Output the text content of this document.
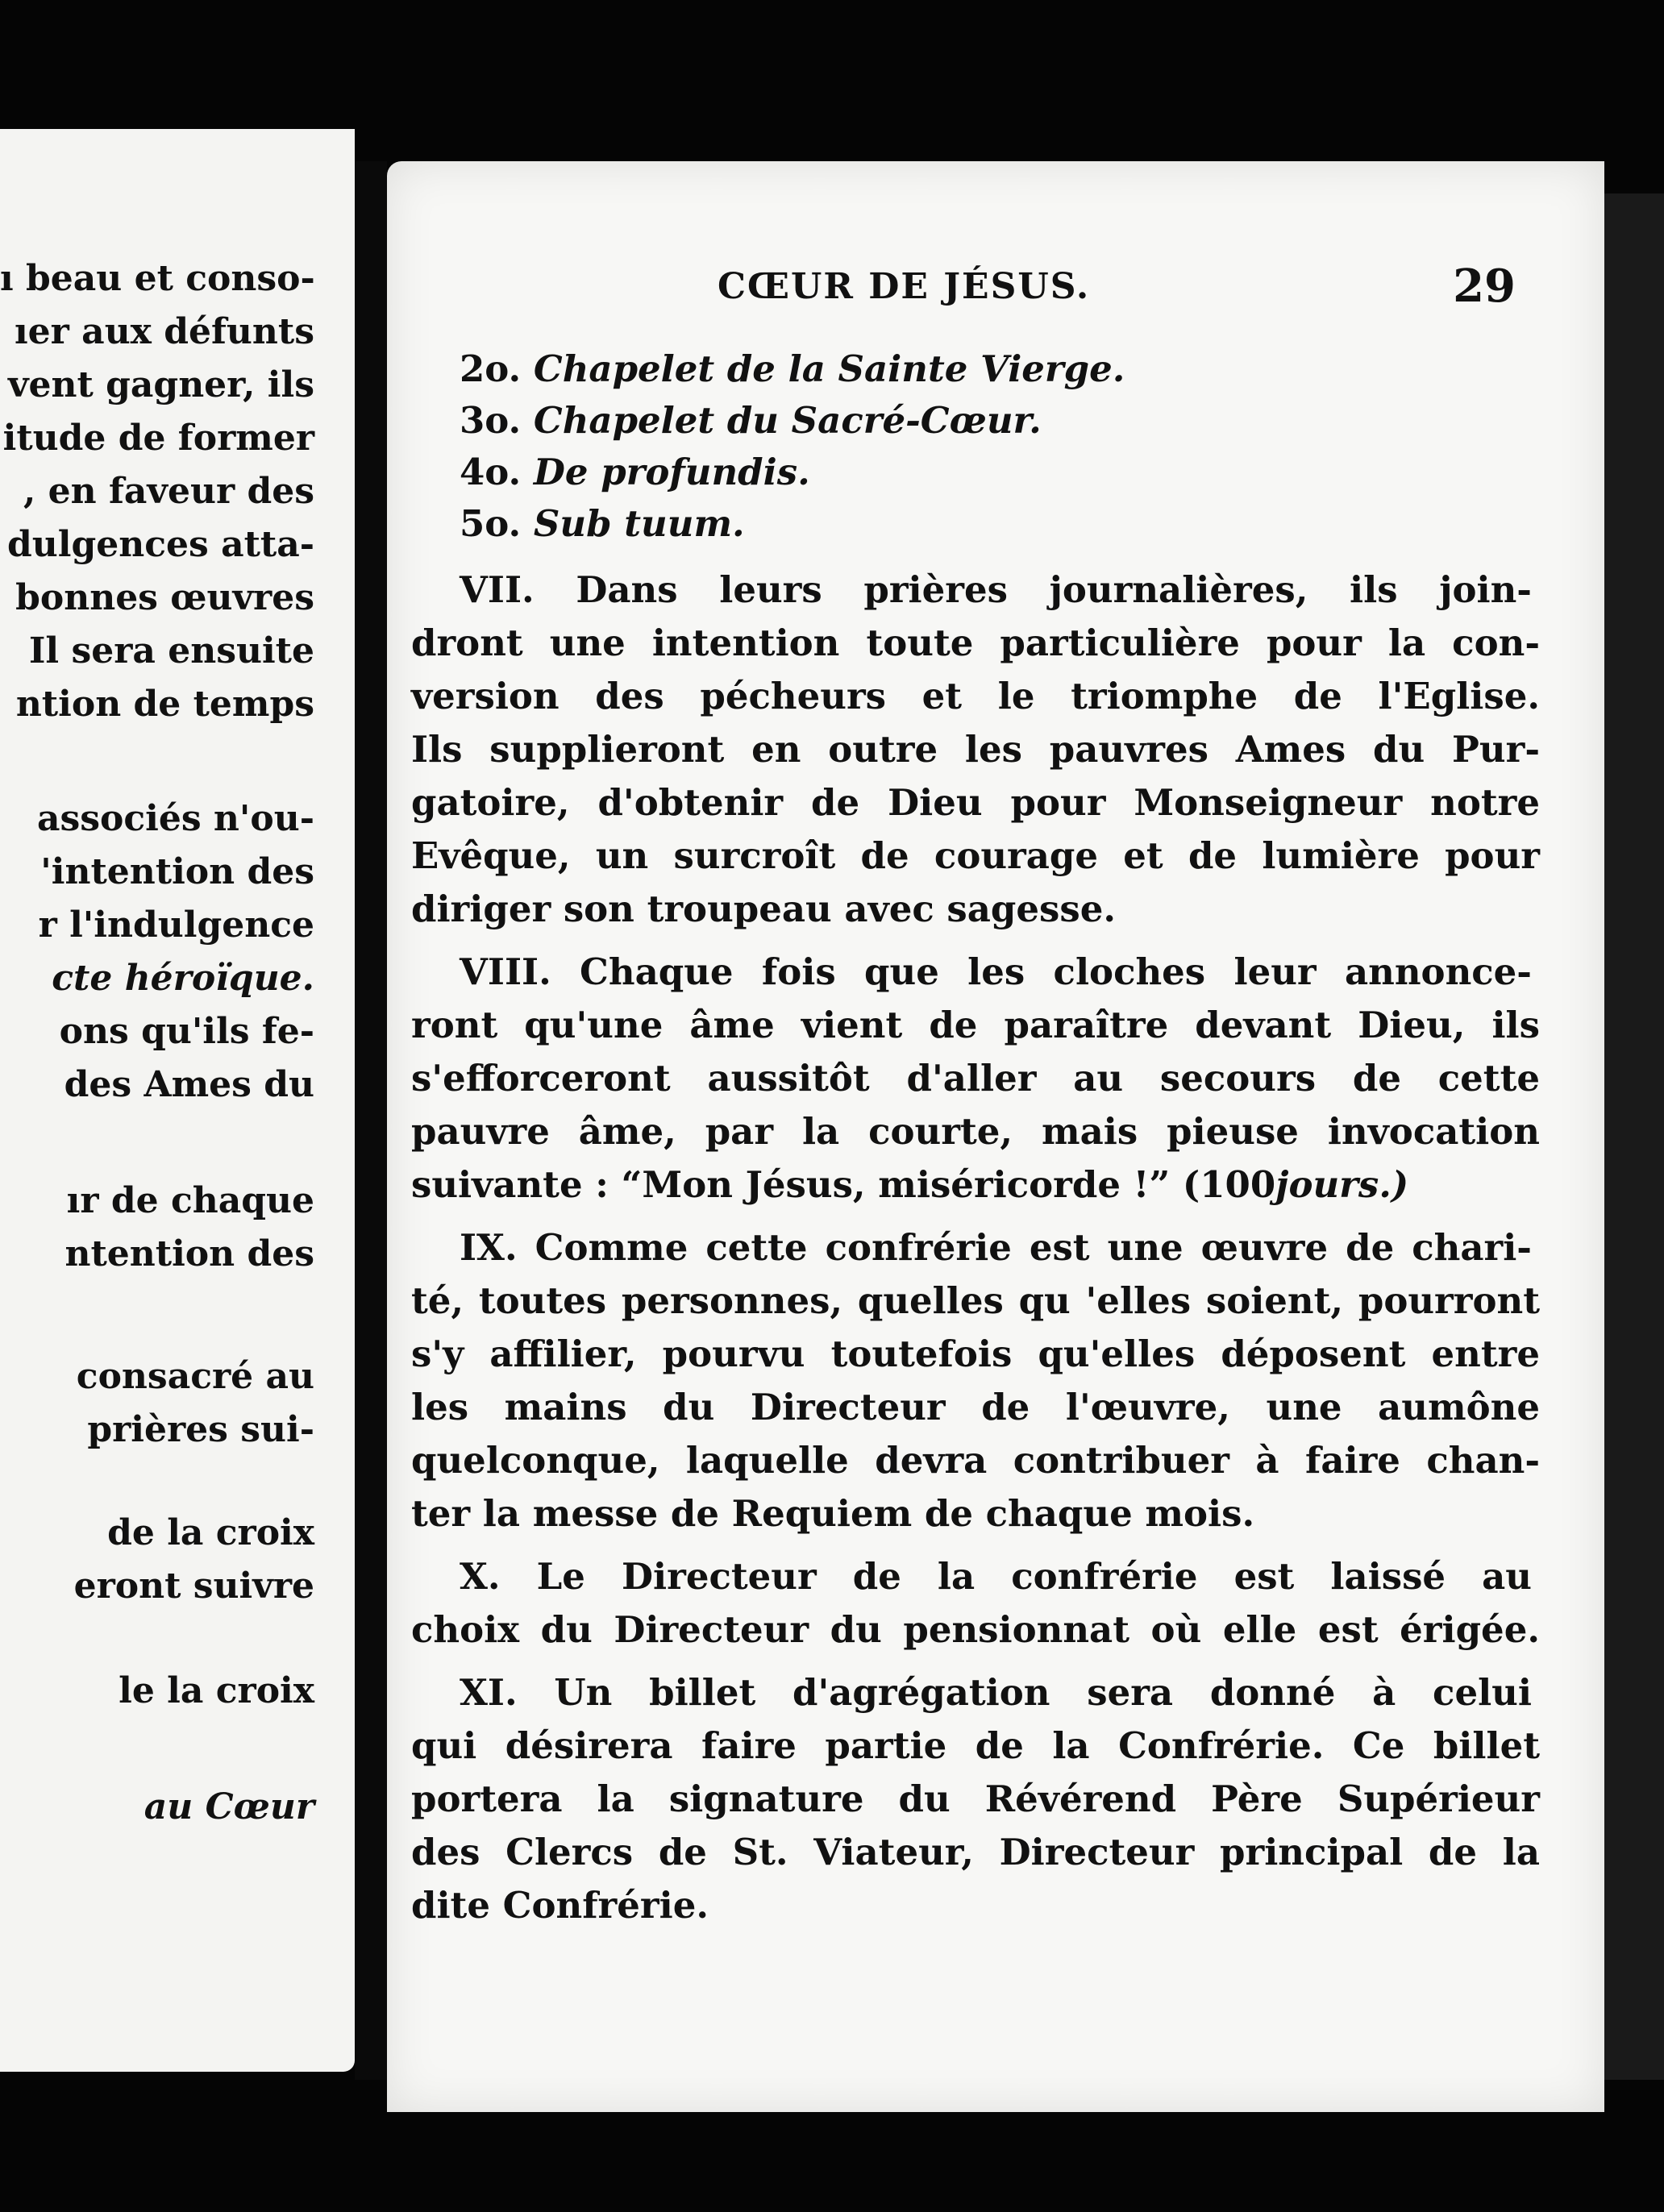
ı beau et conso-
ıer aux défunts
vent gagner, ils
itude de former
, en faveur des
dulgences atta-
bonnes œuvres
Il sera ensuite
ntion de temps
associés n'ou-
'intention des
r l'indulgence
cte héroïque.
ons qu'ils fe-
des Ames du
ır de chaque
ntention des
consacré au
prières sui-
de la croix
eront suivre
le la croix
au Cœur
CŒUR DE JÉSUS.	29
2o. Chapelet de la Sainte Vierge.
3o. Chapelet du Sacré-Cœur.
4o. De profundis.
5o. Sub tuum.
VII. Dans leurs prières journalières, ils join-
dront une intention toute particulière pour la con-
version des pécheurs et le triomphe de l'Eglise.
Ils supplieront en outre les pauvres Ames du Pur-
gatoire, d'obtenir de Dieu pour Monseigneur notre
Evêque, un surcroît de courage et de lumière pour
diriger son troupeau avec sagesse.
VIII. Chaque fois que les cloches leur annonce-
ront qu'une âme vient de paraître devant Dieu, ils
s'efforceront aussitôt d'aller au secours de cette
pauvre âme, par la courte, mais pieuse invocation
suivante : “Mon Jésus, miséricorde !” (100jours.)
IX. Comme cette confrérie est une œuvre de chari-
té, toutes personnes, quelles qu 'elles soient, pourront
s'y affilier, pourvu toutefois qu'elles déposent entre
les mains du Directeur de l'œuvre, une aumône
quelconque, laquelle devra contribuer à faire chan-
ter la messe de Requiem de chaque mois.
X. Le Directeur de la confrérie est laissé au
choix du Directeur du pensionnat où elle est érigée.
XI. Un billet d'agrégation sera donné à celui
qui désirera faire partie de la Confrérie. Ce billet
portera la signature du Révérend Père Supérieur
des Clercs de St. Viateur, Directeur principal de la
dite Confrérie.
